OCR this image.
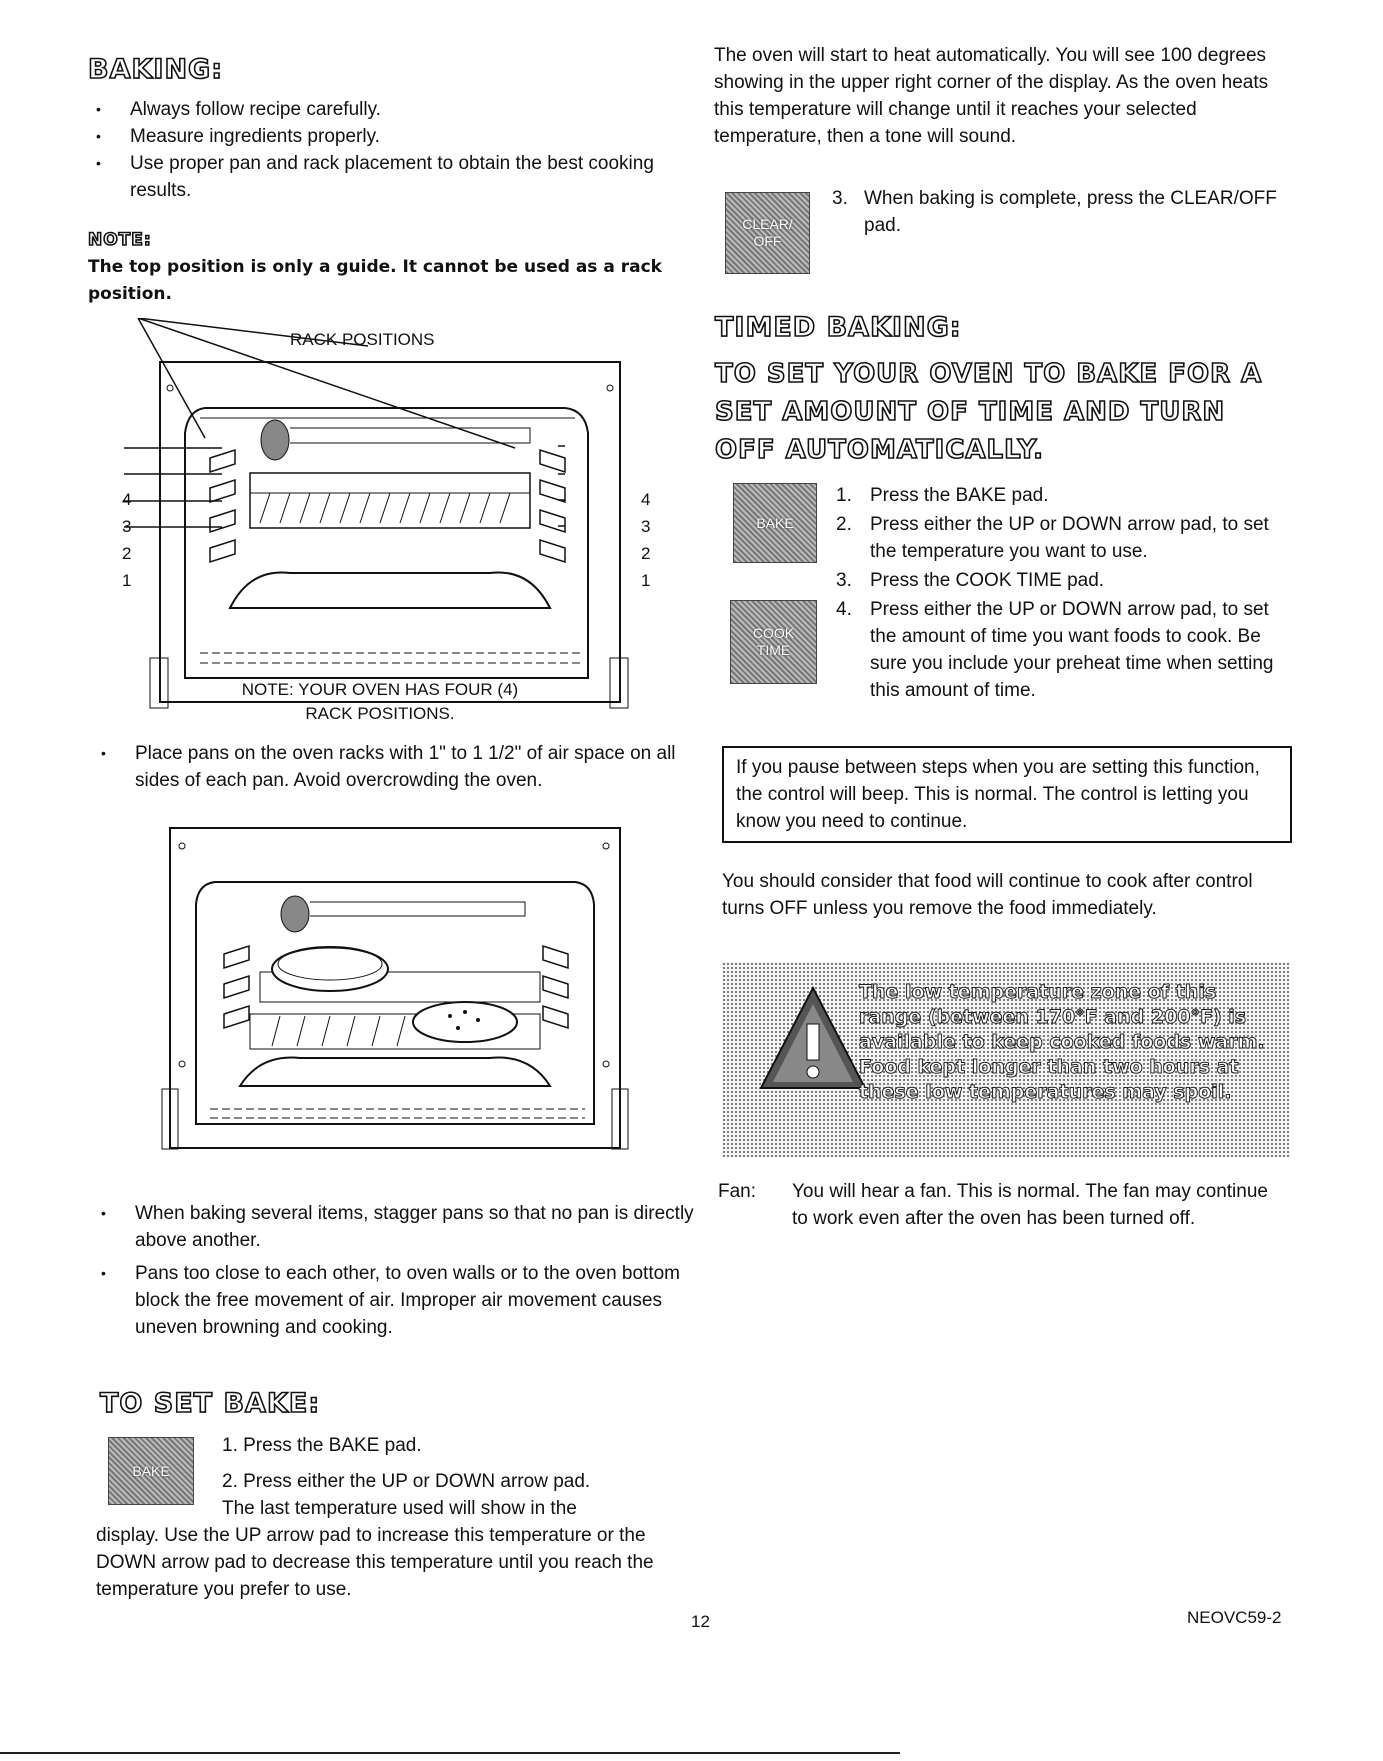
BAKING:
• Always follow recipe carefully.
• Measure ingredients properly.
• Use proper pan and rack placement to obtain the best cooking results.
NOTE:
The top position is only a guide. It cannot be used as a rack position.
RACK POSITIONS
4
3
2
1
4
3
2
1
NOTE: YOUR OVEN HAS FOUR (4)
RACK POSITIONS.
• Place pans on the oven racks with 1" to 1 1/2" of air space on all sides of each pan. Avoid overcrowding the oven.
• When baking several items, stagger pans so that no pan is directly above another.
• Pans too close to each other, to oven walls or to the oven bottom block the free movement of air. Improper air movement causes uneven browning and cooking.
TO SET BAKE:
BAKE
1. Press the BAKE pad.
2. Press either the UP or DOWN arrow pad.
The last temperature used will show in the
display. Use the UP arrow pad to increase this temperature or the DOWN arrow pad to decrease this temperature until you reach the temperature you prefer to use.
The oven will start to heat automatically. You will see 100 degrees showing in the upper right corner of the display. As the oven heats this temperature will change until it reaches your selected temperature, then a tone will sound.
CLEAR/
OFF
3. When baking is complete, press the CLEAR/OFF pad.
TIMED BAKING:
TO SET YOUR OVEN TO BAKE FOR A SET AMOUNT OF TIME AND TURN OFF AUTOMATICALLY.
BAKE
COOK
TIME
1. Press the BAKE pad.
2. Press either the UP or DOWN arrow pad, to set the temperature you want to use.
3. Press the COOK TIME pad.
4. Press either the UP or DOWN arrow pad, to set the amount of time you want foods to cook. Be sure you include your preheat time when setting this amount of time.
If you pause between steps when you are setting this function, the control will beep. This is normal. The control is letting you know you need to continue.
You should consider that food will continue to cook after control turns OFF unless you remove the food immediately.
The low temperature zone of this range (between 170°F and 200°F) is available to keep cooked foods warm. Food kept longer than two hours at these low temperatures may spoil.
Fan: You will hear a fan. This is normal. The fan may continue to work even after the oven has been turned off.
12	NEOVC59-2
